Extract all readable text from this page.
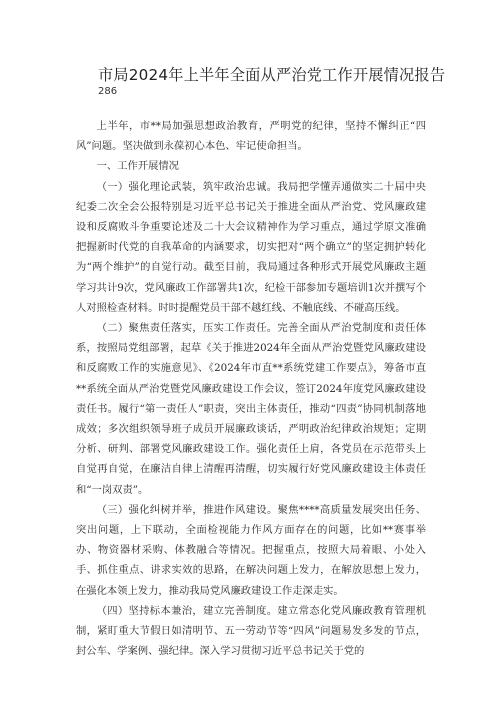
市局2024年上半年全面从严治党工作开展情况报告
286

上半年，市**局加强思想政治教育，严明党的纪律，坚持不懈纠正“四风”问题。坚决做到永葆初心本色、牢记使命担当。

一、工作开展情况

（一）强化理论武装，筑牢政治忠诚。我局把学懂弄通做实二十届中央纪委二次全会公报特别是习近平总书记关于推进全面从严治党、党风廉政建设和反腐败斗争重要论述及二十大会议精神作为学习重点，通过学原文准确把握新时代党的自我革命的内涵要求，切实把对“两个确立”的坚定拥护转化为“两个维护”的自觉行动。截至目前，我局通过各种形式开展党风廉政主题学习共计9次，党风廉政工作部署共1次，纪检干部参加专题培训1次并撰写个人对照检查材料。时时提醒党员干部不越红线、不触底线、不碰高压线。

（二）聚焦责任落实，压实工作责任。完善全面从严治党制度和责任体系，按照局党组部署，起草《关于推进2024年全面从严治党暨党风廉政建设和反腐败工作的实施意见》、《2024年市直**系统党建工作要点》，筹备市直**系统全面从严治党暨党风廉政建设工作会议，签订2024年度党风廉政建设责任书。履行“第一责任人”职责，突出主体责任，推动“四责”协同机制落地成效；多次组织领导班子成员开展廉政谈话，严明政治纪律政治规矩；定期分析、研判、部署党风廉政建设工作。强化责任上肩，各党员在示范带头上自觉再自觉，在廉洁自律上清醒再清醒，切实履行好党风廉政建设主体责任和“一岗双责”。

（三）强化纠树并举，推进作风建设。聚焦****高质量发展突出任务、突出问题，上下联动，全面检视能力作风方面存在的问题，比如**赛事举办、物资器材采购、体教融合等情况。把握重点，按照大局着眼、小处入手、抓住重点、讲求实效的思路，在解决问题上发力，在解放思想上发力，在强化本领上发力，推动我局党风廉政建设工作走深走实。

（四）坚持标本兼治，建立完善制度。建立常态化党风廉政教育管理机制，紧盯重大节假日如清明节、五一劳动节等“四风”问题易发多发的节点，封公车、学案例、强纪律。深入学习贯彻习近平总书记关于党的
